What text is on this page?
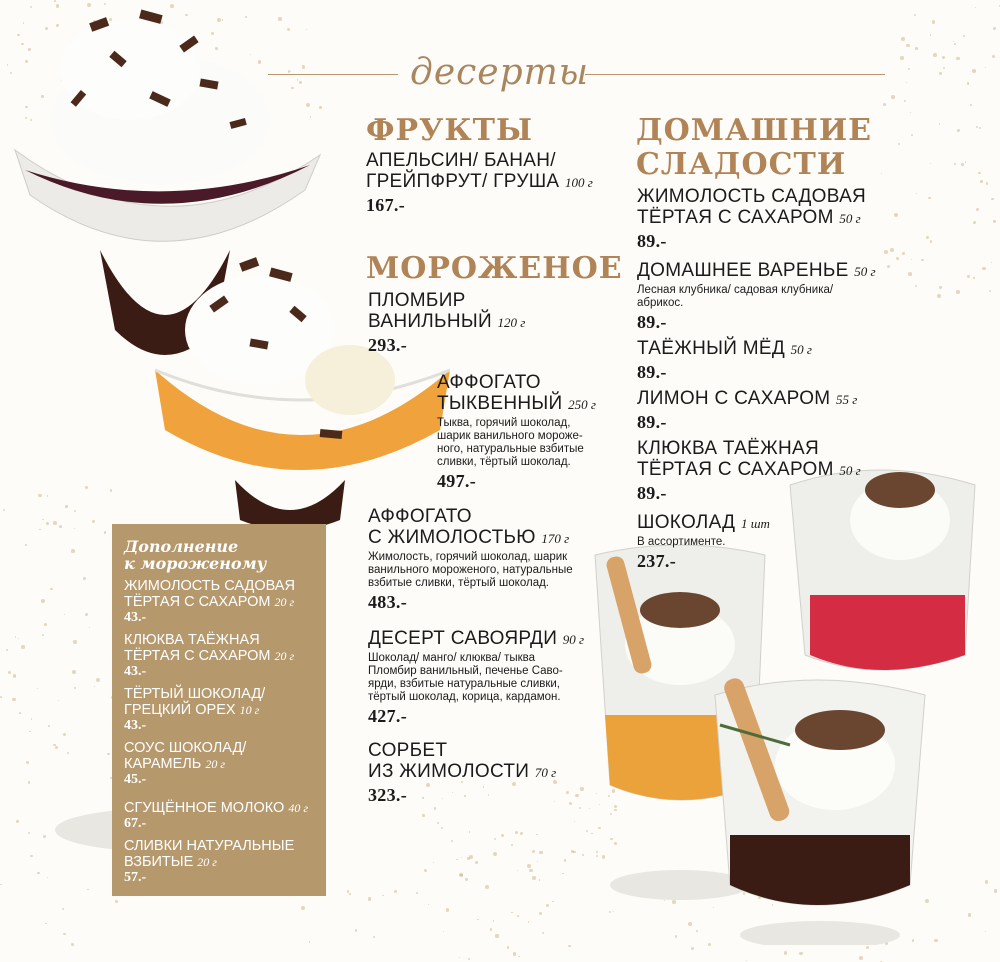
десерты
ФРУКТЫ
АПЕЛЬСИН/ БАНАН/
ГРЕЙПФРУТ/ ГРУША 100 г
167.-
МОРОЖЕНОЕ
ПЛОМБИР
ВАНИЛЬНЫЙ 120 г
293.-
АФФОГАТО
ТЫКВЕННЫЙ 250 г
Тыква, горячий шоколад,
шарик ванильного мороже-
ного, натуральные взбитые
сливки, тёртый шоколад.
497.-
АФФОГАТО
С ЖИМОЛОСТЬЮ 170 г
Жимолость, горячий шоколад, шарик
ванильного мороженого, натуральные
взбитые сливки, тёртый шоколад.
483.-
ДЕСЕРТ САВОЯРДИ 90 г
Шоколад/ манго/ клюква/ тыква
Пломбир ванильный, печенье Саво-
ярди, взбитые натуральные сливки,
тёртый шоколад, корица, кардамон.
427.-
СОРБЕТ
ИЗ ЖИМОЛОСТИ 70 г
323.-
ДОМАШНИЕ
СЛАДОСТИ
ЖИМОЛОСТЬ САДОВАЯ
ТЁРТАЯ С САХАРОМ 50 г
89.-
ДОМАШНЕЕ ВАРЕНЬЕ 50 г
Лесная клубника/ садовая клубника/
абрикос.
89.-
ТАЁЖНЫЙ МЁД 50 г
89.-
ЛИМОН С САХАРОМ 55 г
89.-
КЛЮКВА ТАЁЖНАЯ
ТЁРТАЯ С САХАРОМ 50 г
89.-
ШОКОЛАД 1 шт
В ассортименте.
237.-
Дополнение
к мороженому
ЖИМОЛОСТЬ САДОВАЯ
ТЁРТАЯ С САХАРОМ 20 г
43.-
КЛЮКВА ТАЁЖНАЯ
ТЁРТАЯ С САХАРОМ 20 г
43.-
ТЁРТЫЙ ШОКОЛАД/
ГРЕЦКИЙ ОРЕХ 10 г
43.-
СОУС ШОКОЛАД/
КАРАМЕЛЬ 20 г
45.-
СГУЩЁННОЕ МОЛОКО 40 г
67.-
СЛИВКИ НАТУРАЛЬНЫЕ
ВЗБИТЫЕ 20 г
57.-
